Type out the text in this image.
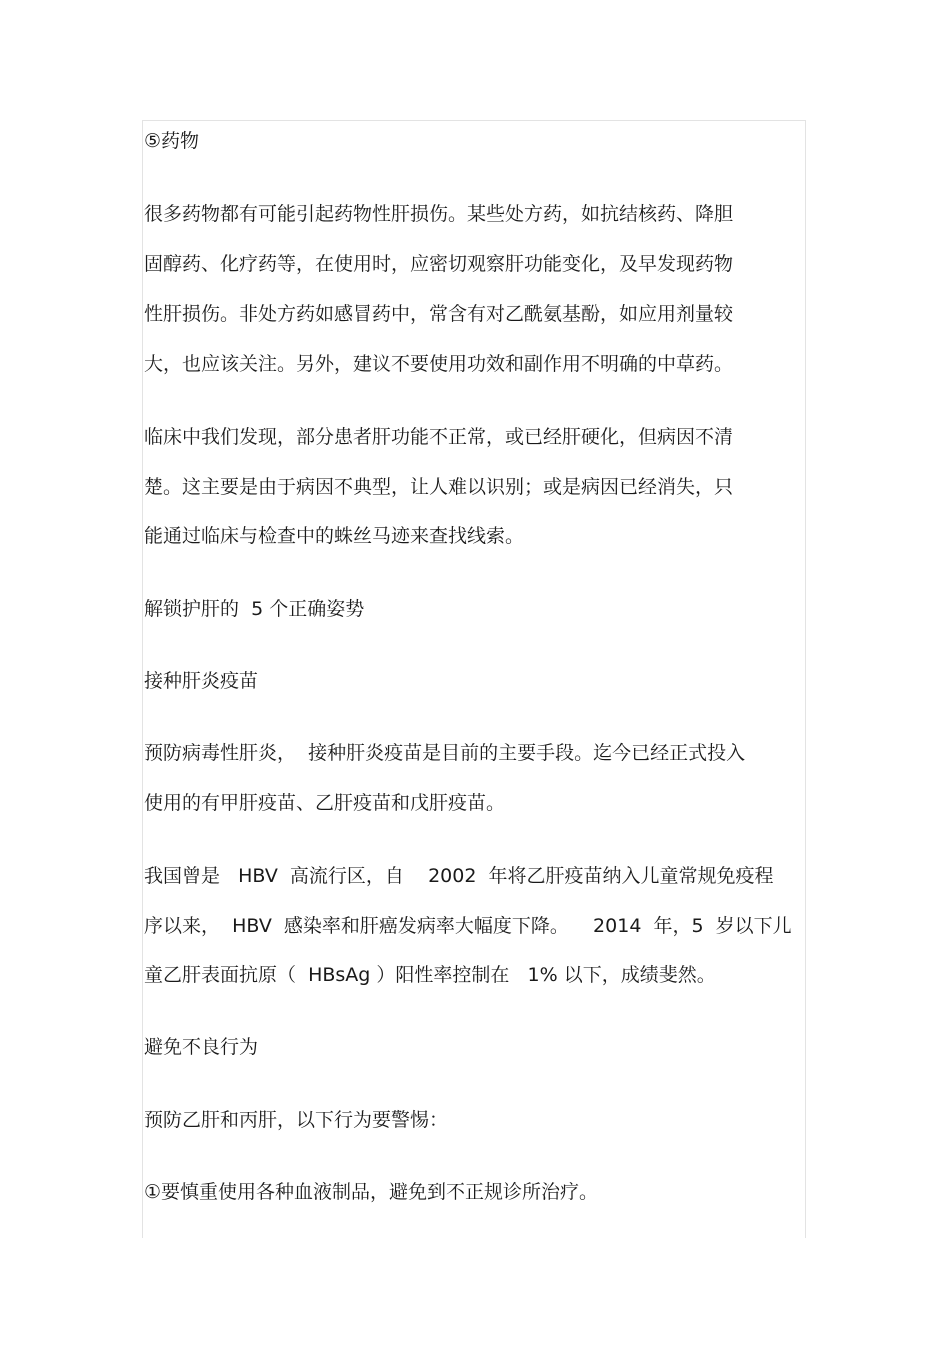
⑤药物
很多药物都有可能引起药物性肝损伤。某些处方药，如抗结核药、降胆
固醇药、化疗药等，在使用时，应密切观察肝功能变化，及早发现药物
性肝损伤。非处方药如感冒药中，常含有对乙酰氨基酚，如应用剂量较
大，也应该关注。另外，建议不要使用功效和副作用不明确的中草药。
临床中我们发现，部分患者肝功能不正常，或已经肝硬化，但病因不清
楚。这主要是由于病因不典型，让人难以识别；或是病因已经消失，只
能通过临床与检查中的蛛丝马迹来查找线索。
解锁护肝的  5 个正确姿势
接种肝炎疫苗
预防病毒性肝炎，  接种肝炎疫苗是目前的主要手段。迄今已经正式投入
使用的有甲肝疫苗、乙肝疫苗和戊肝疫苗。
我国曾是   HBV  高流行区，自    2002  年将乙肝疫苗纳入儿童常规免疫程
序以来，  HBV  感染率和肝癌发病率大幅度下降。    2014  年，5  岁以下儿
童乙肝表面抗原（  HBsAg ）阳性率控制在   1% 以下，成绩斐然。
避免不良行为
预防乙肝和丙肝，以下行为要警惕：
①要慎重使用各种血液制品，避免到不正规诊所治疗。
